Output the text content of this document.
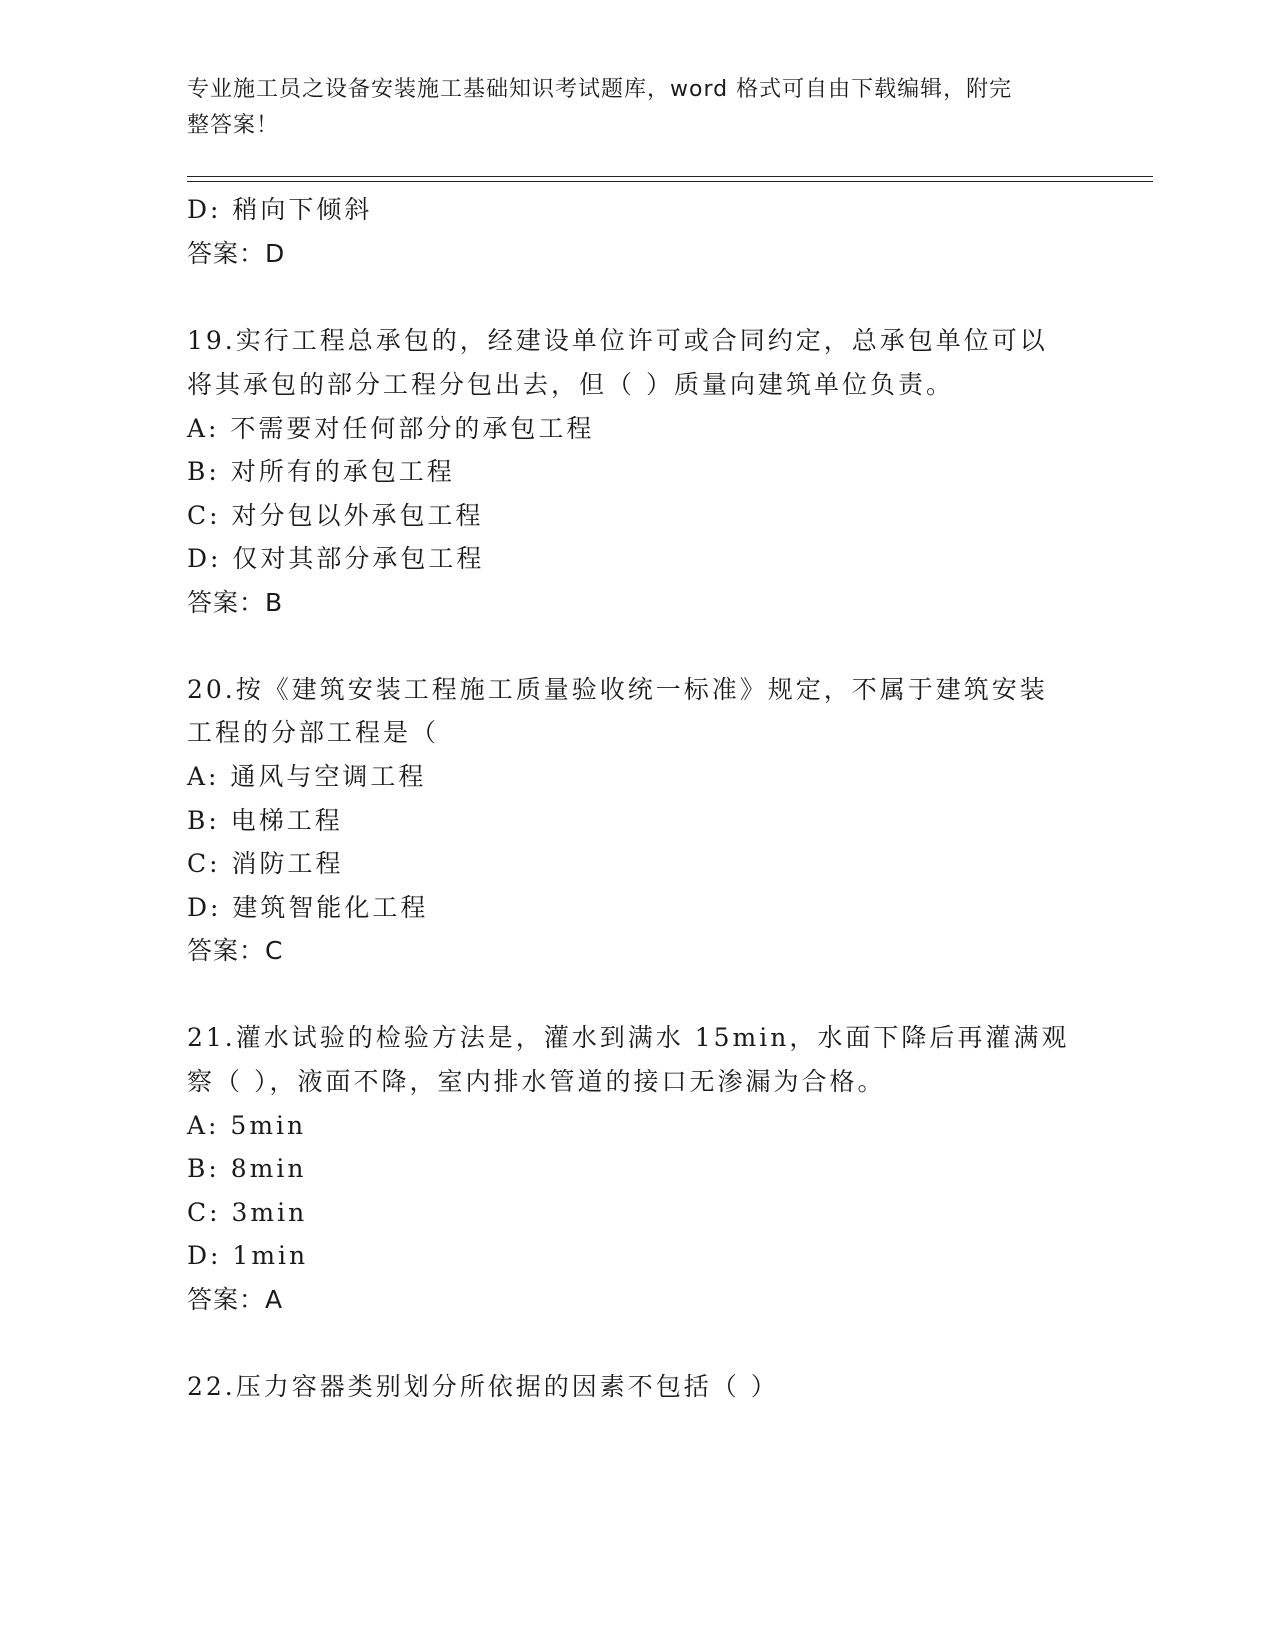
专业施工员之设备安装施工基础知识考试题库，word 格式可自由下载编辑，附完
整答案！
D: 稍向下倾斜
答案：D
19.实行工程总承包的，经建设单位许可或合同约定，总承包单位可以
将其承包的部分工程分包出去，但（ ）质量向建筑单位负责。
A: 不需要对任何部分的承包工程
B: 对所有的承包工程
C: 对分包以外承包工程
D: 仅对其部分承包工程
答案：B
20.按《建筑安装工程施工质量验收统一标准》规定，不属于建筑安装
工程的分部工程是（
A: 通风与空调工程
B: 电梯工程
C: 消防工程
D: 建筑智能化工程
答案：C
21.灌水试验的检验方法是，灌水到满水 15min，水面下降后再灌满观
察（ ），液面不降，室内排水管道的接口无渗漏为合格。
A: 5min
B: 8min
C: 3min
D: 1min
答案：A
22.压力容器类别划分所依据的因素不包括（ ）
